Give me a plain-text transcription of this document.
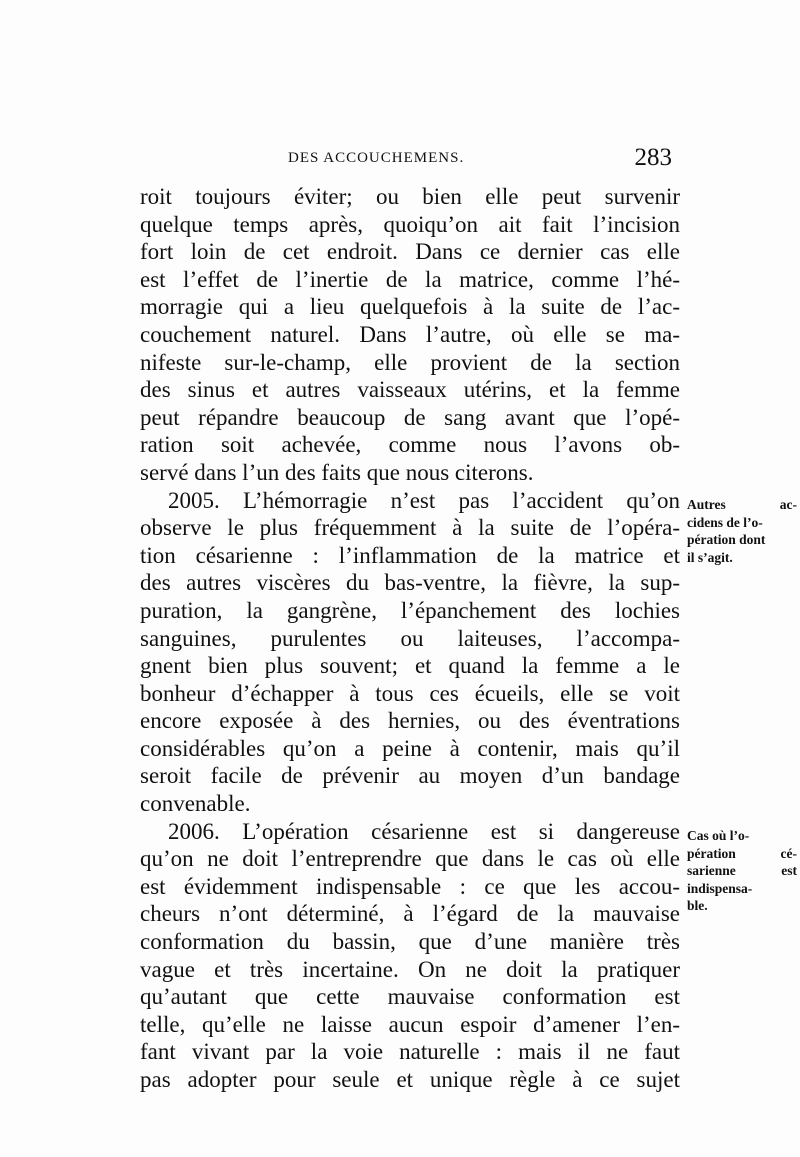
DES ACCOUCHEMENS.	283
roit toujours éviter; ou bien elle peut survenir
quelque temps après, quoiqu’on ait fait l’incision
fort loin de cet endroit. Dans ce dernier cas elle
est l’effet de l’inertie de la matrice, comme l’hé-
morragie qui a lieu quelquefois à la suite de l’ac-
couchement naturel. Dans l’autre, où elle se ma-
nifeste sur-le-champ, elle provient de la section
des sinus et autres vaisseaux utérins, et la femme
peut répandre beaucoup de sang avant que l’opé-
ration soit achevée, comme nous l’avons ob-
servé dans l’un des faits que nous citerons.
2005. L’hémorragie n’est pas l’accident qu’on
observe le plus fréquemment à la suite de l’opéra-
tion césarienne : l’inflammation de la matrice et
des autres viscères du bas-ventre, la fièvre, la sup-
puration, la gangrène, l’épanchement des lochies
sanguines, purulentes ou laiteuses, l’accompa-
gnent bien plus souvent; et quand la femme a le
bonheur d’échapper à tous ces écueils, elle se voit
encore exposée à des hernies, ou des éventrations
considérables qu’on a peine à contenir, mais qu’il
seroit facile de prévenir au moyen d’un bandage
convenable.
2006. L’opération césarienne est si dangereuse
qu’on ne doit l’entreprendre que dans le cas où elle
est évidemment indispensable : ce que les accou-
cheurs n’ont déterminé, à l’égard de la mauvaise
conformation du bassin, que d’une manière très
vague et très incertaine. On ne doit la pratiquer
qu’autant que cette mauvaise conformation est
telle, qu’elle ne laisse aucun espoir d’amener l’en-
fant vivant par la voie naturelle : mais il ne faut
pas adopter pour seule et unique règle à ce sujet
Autres ac-
cidens de l’o-
pération dont
il s’agit.
Cas où l’o-
pération cé-
sarienne est
indispensa-
ble.
